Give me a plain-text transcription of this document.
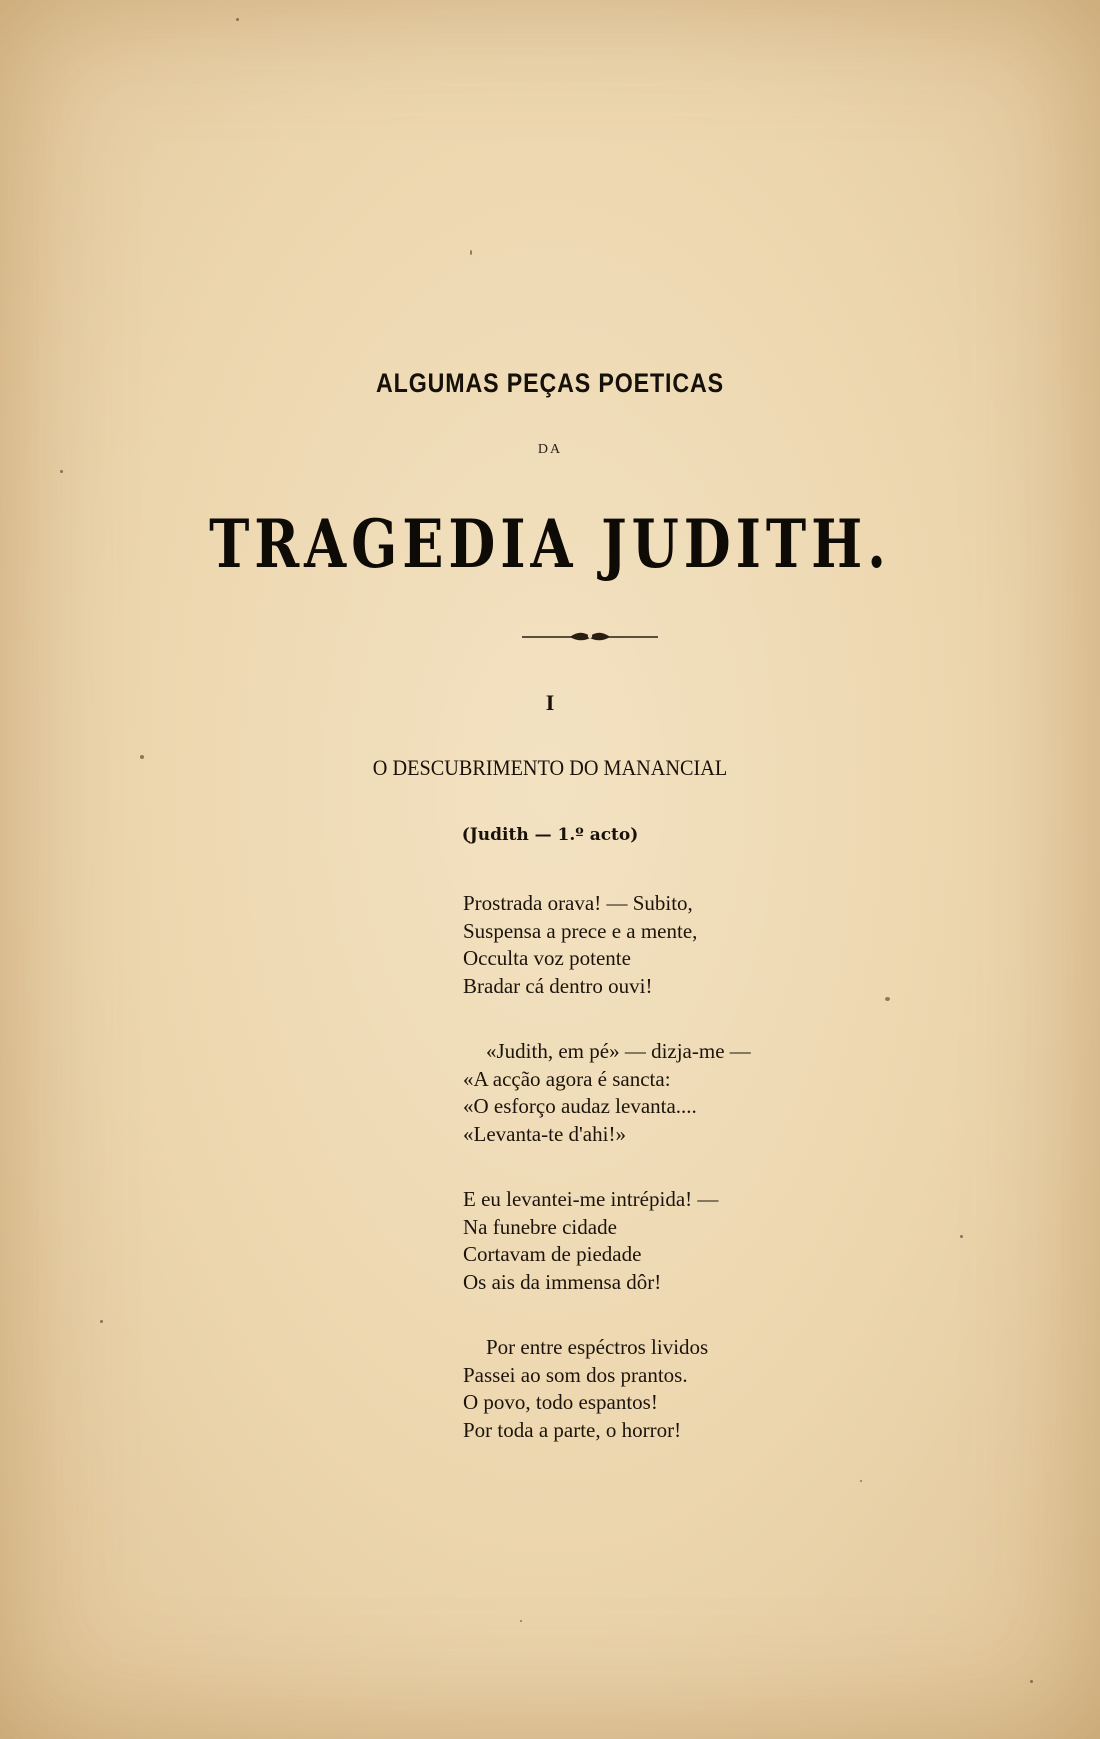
ALGUMAS PEÇAS POETICAS
DA
TRAGEDIA JUDITH.
I
O DESCUBRIMENTO DO MANANCIAL
(Judith — 1.º acto)
Prostrada orava! — Subito,
Suspensa a prece e a mente,
Occulta voz potente
Bradar cá dentro ouvi!
«Judith, em pé» — dizja-me —
«A acção agora é sancta:
«O esforço audaz levanta....
«Levanta-te d'ahi!»
E eu levantei-me intrépida! —
Na funebre cidade
Cortavam de piedade
Os ais da immensa dôr!
Por entre espéctros lividos
Passei ao som dos prantos.
O povo, todo espantos!
Por toda a parte, o horror!
